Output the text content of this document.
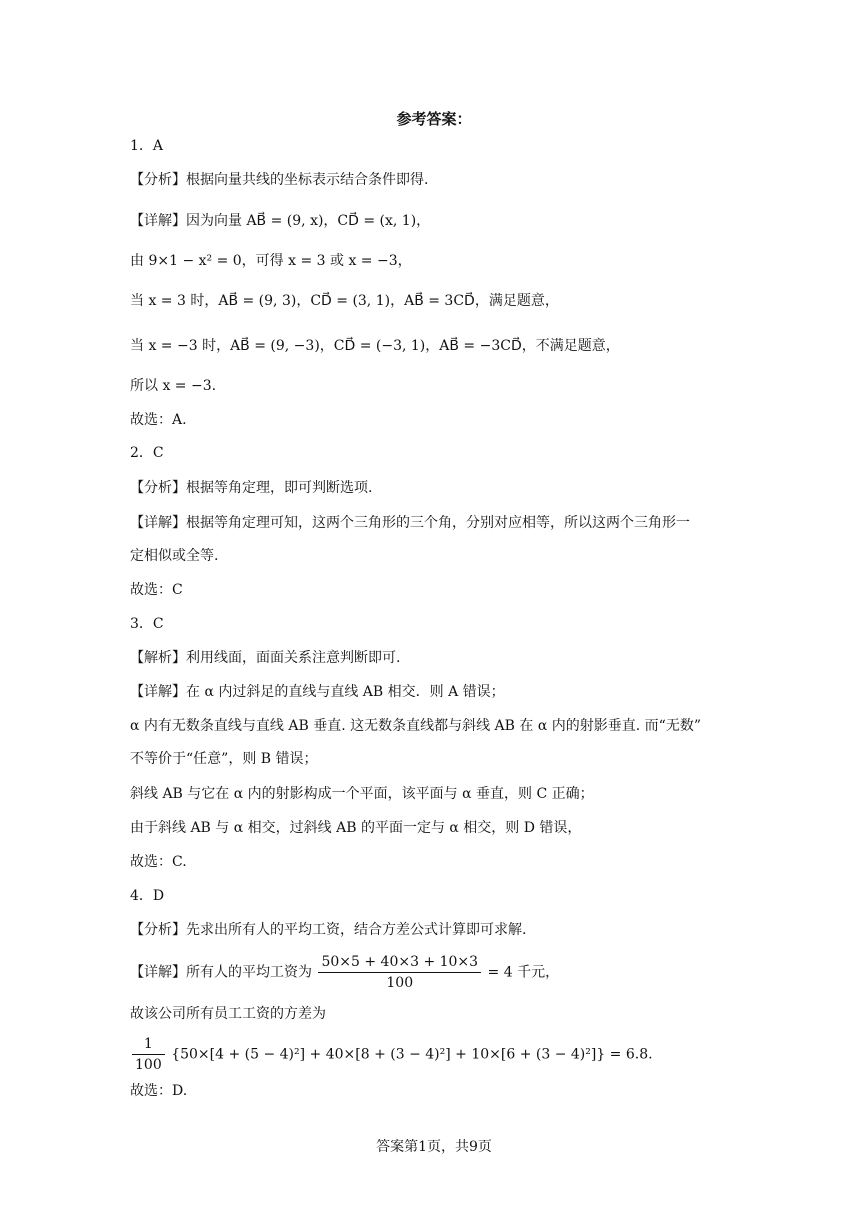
参考答案：
1．A
【分析】根据向量共线的坐标表示结合条件即得.
【详解】因为向量 AB⃗ = (9, x)，CD⃗ = (x, 1)，
由 9×1 − x² = 0，可得 x = 3 或 x = −3，
当 x = 3 时，AB⃗ = (9, 3)，CD⃗ = (3, 1)，AB⃗ = 3CD⃗，满足题意，
当 x = −3 时，AB⃗ = (9, −3)，CD⃗ = (−3, 1)，AB⃗ = −3CD⃗，不满足题意，
所以 x = −3.
故选：A.
2．C
【分析】根据等角定理，即可判断选项.
【详解】根据等角定理可知，这两个三角形的三个角，分别对应相等，所以这两个三角形一
定相似或全等.
故选：C
3．C
【解析】利用线面，面面关系注意判断即可.
【详解】在 α 内过斜足的直线与直线 AB 相交．则 A 错误；
α 内有无数条直线与直线 AB 垂直. 这无数条直线都与斜线 AB 在 α 内的射影垂直. 而“无数”
不等价于“任意”，则 B 错误；
斜线 AB 与它在 α 内的射影构成一个平面，该平面与 α 垂直，则 C 正确；
由于斜线 AB 与 α 相交，过斜线 AB 的平面一定与 α 相交，则 D 错误，
故选：C.
4．D
【分析】先求出所有人的平均工资，结合方差公式计算即可求解.
【详解】所有人的平均工资为 $\frac{50\times 5 + 40\times 3 + 10\times 3}{100} = 4$ 千元，
故该公司所有员工工资的方差为
$\frac{1}{100} \{50\times[4 + (5 - 4)^2] + 40\times[8 + (3 - 4)^2] + 10\times[6 + (3 - 4)^2]\} = 6.8$.
故选：D.
答案第1页，共9页
